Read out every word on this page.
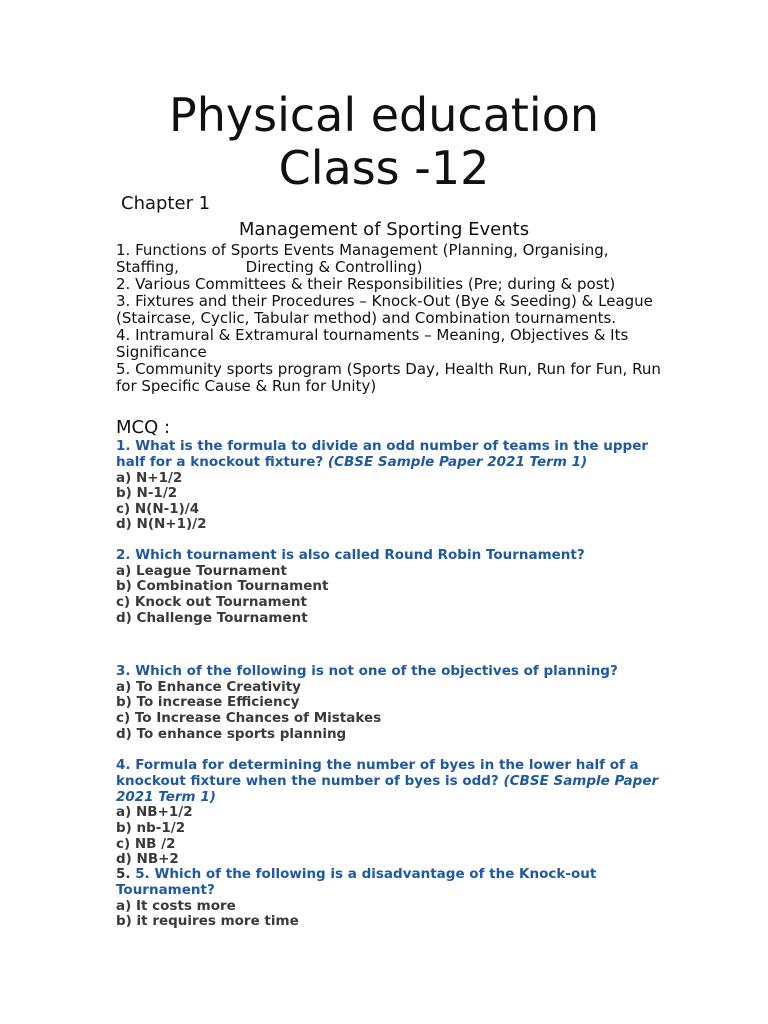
Physical education
Class -12
Chapter 1
Management of Sporting Events
1. Functions of Sports Events Management (Planning, Organising, Staffing,              Directing & Controlling)
2. Various Committees & their Responsibilities (Pre; during & post)
3. Fixtures and their Procedures – Knock-Out (Bye & Seeding) & League (Staircase, Cyclic, Tabular method) and Combination tournaments.
4. Intramural & Extramural tournaments – Meaning, Objectives & Its Significance
5. Community sports program (Sports Day, Health Run, Run for Fun, Run for Specific Cause & Run for Unity)
MCQ :
1. What is the formula to divide an odd number of teams in the upper half for a knockout fixture? (CBSE Sample Paper 2021 Term 1)
a) N+1/2
b) N-1/2
c) N(N-1)/4
d) N(N+1)/2
2. Which tournament is also called Round Robin Tournament?
a) League Tournament
b) Combination Tournament
c) Knock out Tournament
d) Challenge Tournament
3. Which of the following is not one of the objectives of planning?
a) To Enhance Creativity
b) To increase Efficiency
c) To Increase Chances of Mistakes
d) To enhance sports planning
4. Formula for determining the number of byes in the lower half of a knockout fixture when the number of byes is odd? (CBSE Sample Paper 2021 Term 1)
a) NB+1/2
b) nb-1/2
c) NB /2
d) NB+2
5. 5. Which of the following is a disadvantage of the Knock-out Tournament?
a) It costs more
b) it requires more time
